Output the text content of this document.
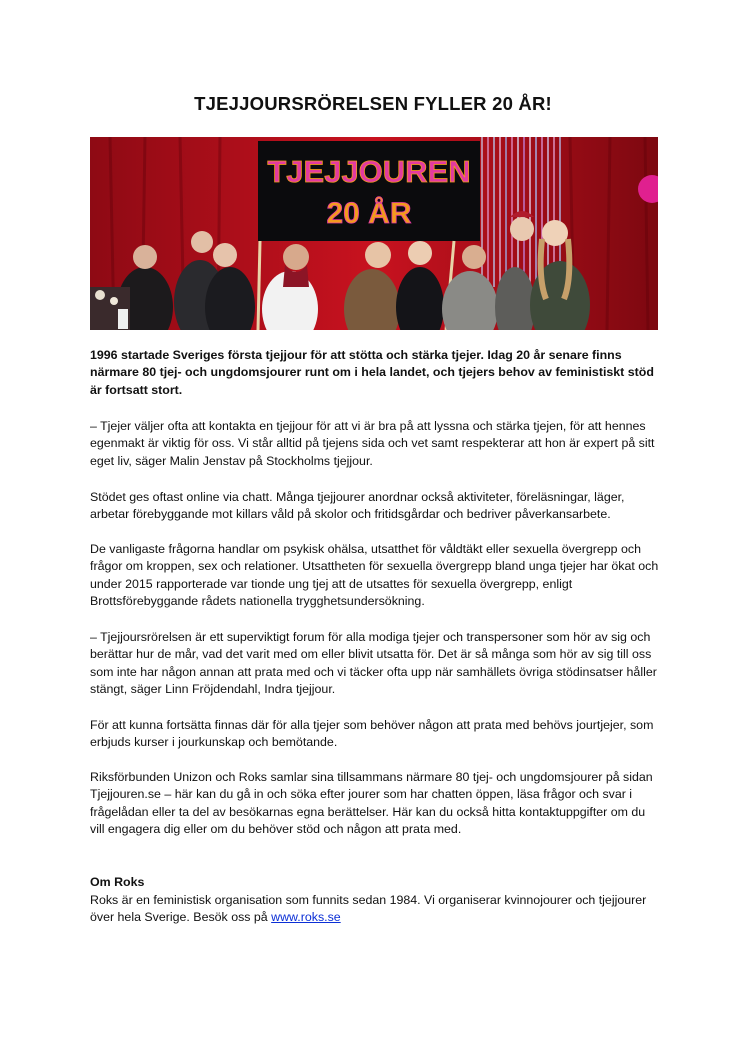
TJEJJOURSRÖRELSEN FYLLER 20 ÅR!
TJEJJOUREN
20 ÅR

1996 startade Sveriges första tjejjour för att stötta och stärka tjejer. Idag 20 år senare finns närmare 80 tjej- och ungdomsjourer runt om i hela landet, och tjejers behov av feministiskt stöd är fortsatt stort.

– Tjejer väljer ofta att kontakta en tjejjour för att vi är bra på att lyssna och stärka tjejen, för att hennes egenmakt är viktig för oss. Vi står alltid på tjejens sida och vet samt respekterar att hon är expert på sitt eget liv, säger Malin Jenstav på Stockholms tjejjour.

Stödet ges oftast online via chatt. Många tjejjourer anordnar också aktiviteter, föreläsningar, läger, arbetar förebyggande mot killars våld på skolor och fritidsgårdar och bedriver påverkansarbete.

De vanligaste frågorna handlar om psykisk ohälsa, utsatthet för våldtäkt eller sexuella övergrepp och frågor om kroppen, sex och relationer. Utsattheten för sexuella övergrepp bland unga tjejer har ökat och under 2015 rapporterade var tionde ung tjej att de utsattes för sexuella övergrepp, enligt Brottsförebyggande rådets nationella trygghetsundersökning.

– Tjejjoursrörelsen är ett superviktigt forum för alla modiga tjejer och transpersoner som hör av sig och berättar hur de mår, vad det varit med om eller blivit utsatta för. Det är så många som hör av sig till oss som inte har någon annan att prata med och vi täcker ofta upp när samhällets övriga stödinsatser håller stängt, säger Linn Fröjdendahl, Indra tjejjour.

För att kunna fortsätta finnas där för alla tjejer som behöver någon att prata med behövs jourtjejer, som erbjuds kurser i jourkunskap och bemötande.

Riksförbunden Unizon och Roks samlar sina tillsammans närmare 80 tjej- och ungdomsjourer på sidan Tjejjouren.se – här kan du gå in och söka efter jourer som har chatten öppen, läsa frågor och svar i frågelådan eller ta del av besökarnas egna berättelser. Här kan du också hitta kontaktuppgifter om du vill engagera dig eller om du behöver stöd och någon att prata med.

Om Roks

Roks är en feministisk organisation som funnits sedan 1984. Vi organiserar kvinnojourer och tjejjourer över hela Sverige. Besök oss på www.roks.se
